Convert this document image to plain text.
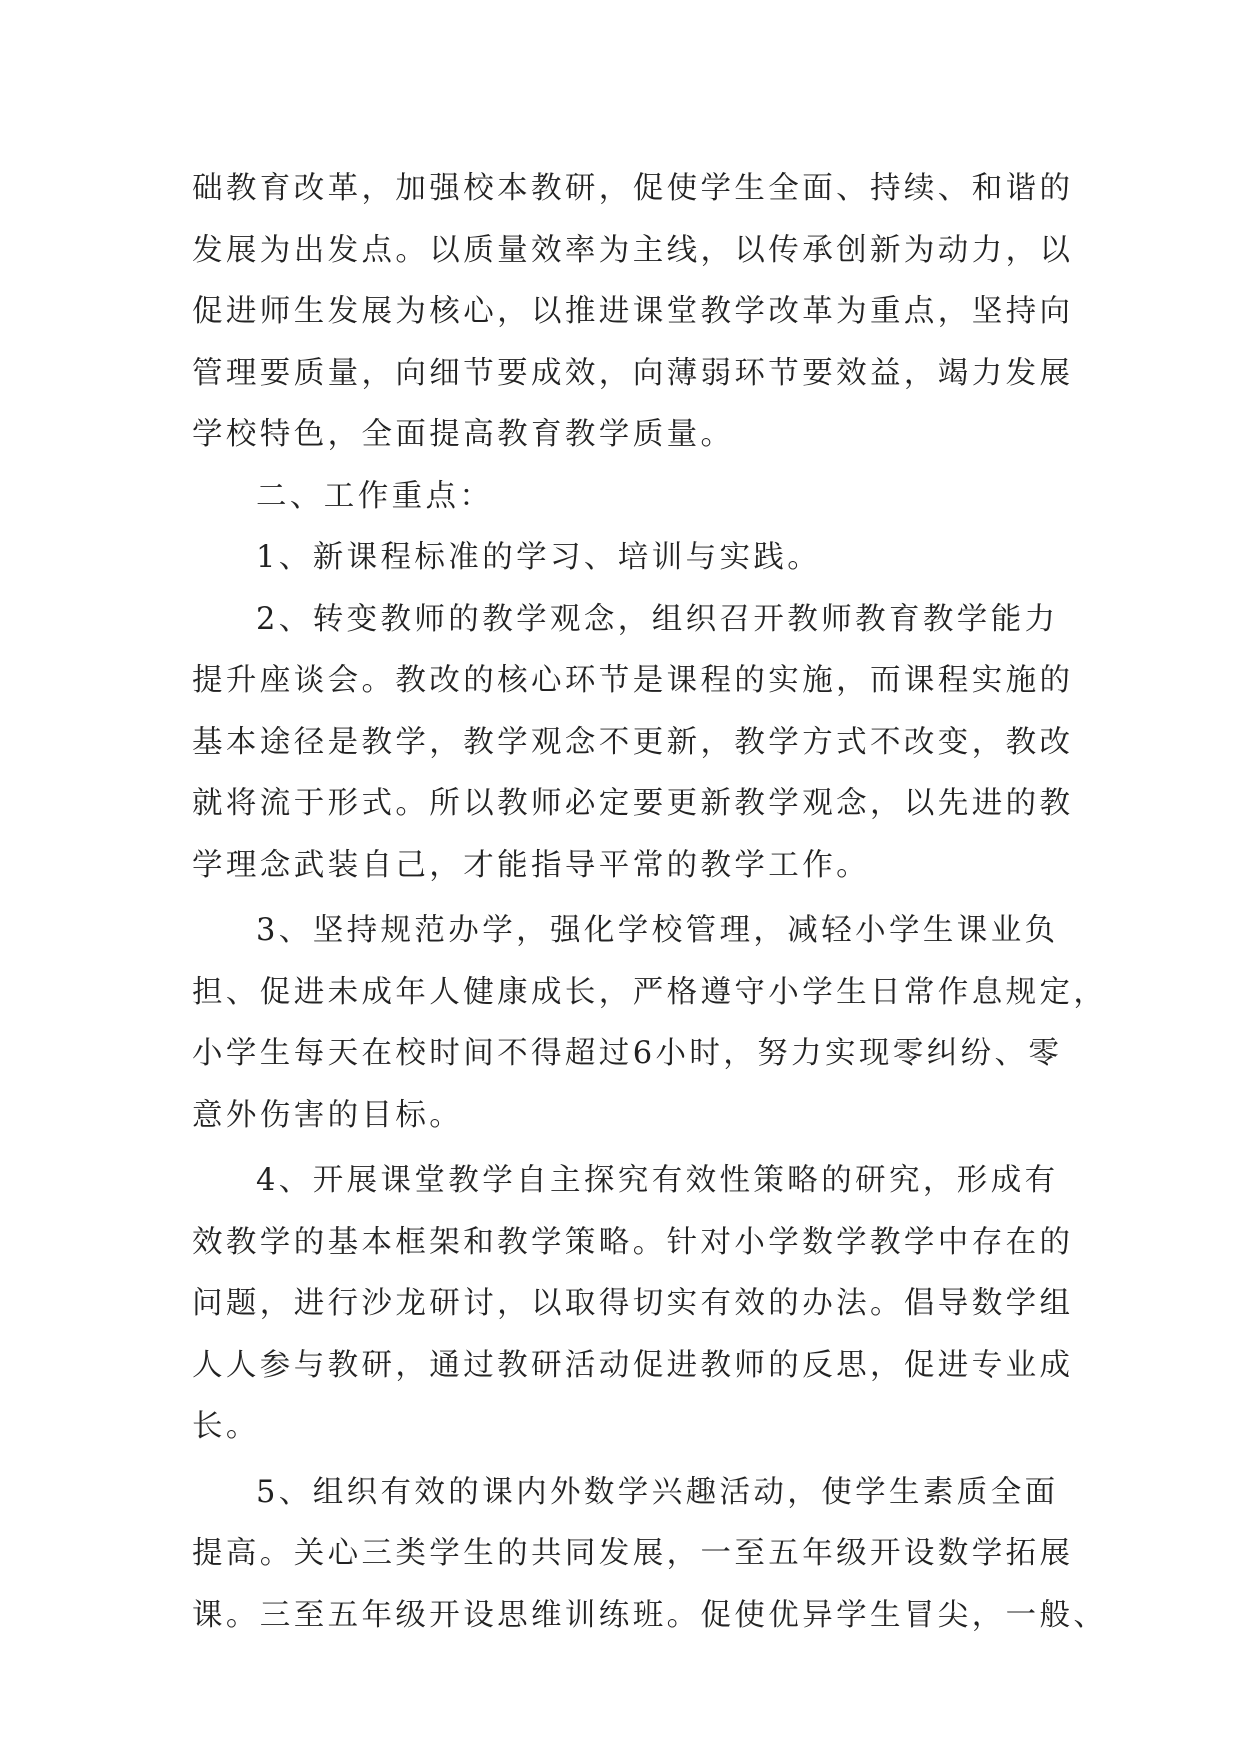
础教育改革，加强校本教研，促使学生全面、持续、和谐的
发展为出发点。以质量效率为主线，以传承创新为动力，以
促进师生发展为核心，以推进课堂教学改革为重点，坚持向
管理要质量，向细节要成效，向薄弱环节要效益，竭力发展
学校特色，全面提高教育教学质量。
二、工作重点：
1、新课程标准的学习、培训与实践。
2、转变教师的教学观念，组织召开教师教育教学能力
提升座谈会。教改的核心环节是课程的实施，而课程实施的
基本途径是教学，教学观念不更新，教学方式不改变，教改
就将流于形式。所以教师必定要更新教学观念，以先进的教
学理念武装自己，才能指导平常的教学工作。
3、坚持规范办学，强化学校管理，减轻小学生课业负
担、促进未成年人健康成长，严格遵守小学生日常作息规定，
小学生每天在校时间不得超过6小时，努力实现零纠纷、零
意外伤害的目标。
4、开展课堂教学自主探究有效性策略的研究，形成有
效教学的基本框架和教学策略。针对小学数学教学中存在的
问题，进行沙龙研讨，以取得切实有效的办法。倡导数学组
人人参与教研，通过教研活动促进教师的反思，促进专业成
长。
5、组织有效的课内外数学兴趣活动，使学生素质全面
提高。关心三类学生的共同发展，一至五年级开设数学拓展
课。三至五年级开设思维训练班。促使优异学生冒尖，一般、
